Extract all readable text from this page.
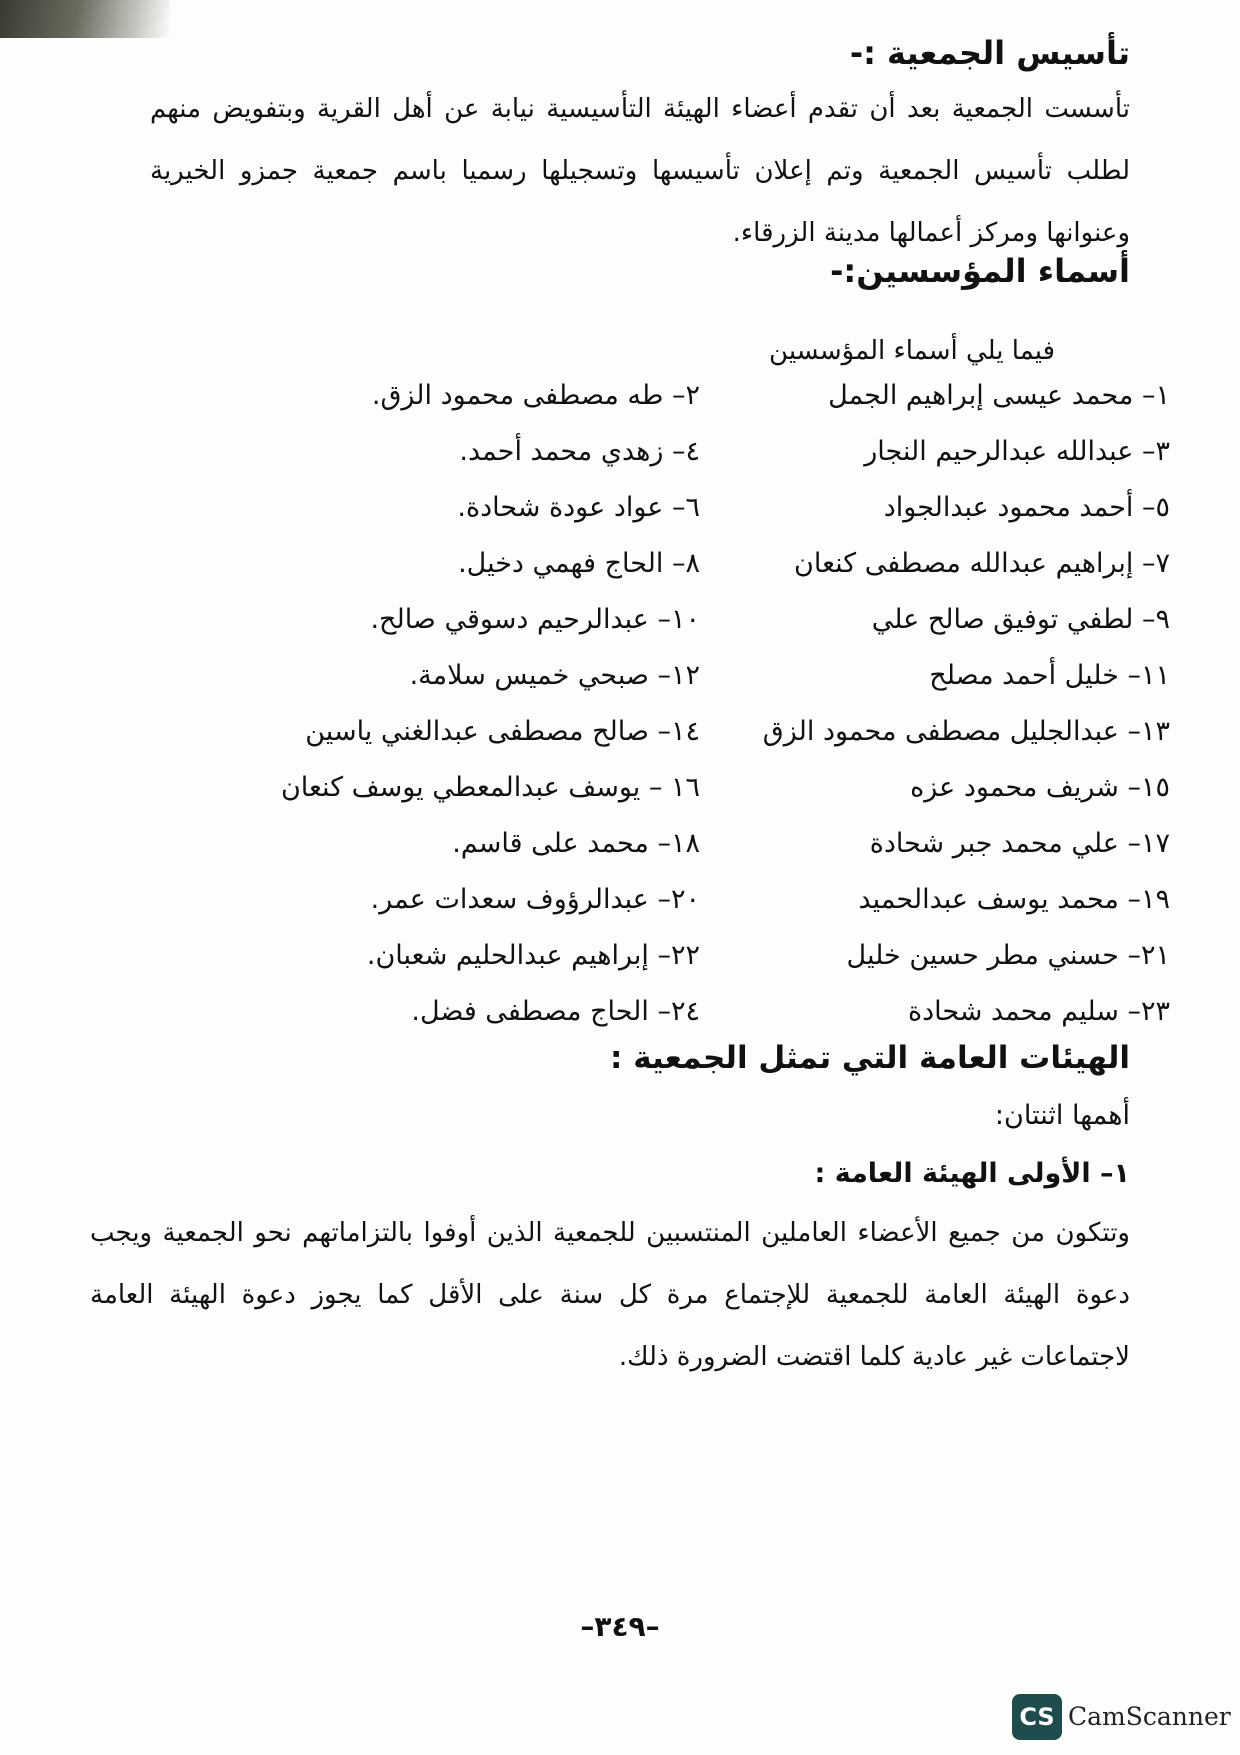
تأسيس الجمعية :-
تأسست الجمعية بعد أن تقدم أعضاء الهيئة التأسيسية نيابة عن أهل القرية وبتفويض منهم لطلب تأسيس الجمعية وتم إعلان تأسيسها وتسجيلها رسميا باسم جمعية جمزو الخيرية وعنوانها ومركز أعمالها مدينة الزرقاء.
أسماء المؤسسين:-
فيما يلي أسماء المؤسسين
١– محمد عيسى إبراهيم الجمل
٢– طه مصطفى محمود الزق.
٣– عبدالله عبدالرحيم النجار
٤– زهدي محمد أحمد.
٥– أحمد محمود عبدالجواد
٦– عواد عودة شحادة.
٧– إبراهيم عبدالله مصطفى كنعان
٨– الحاج فهمي دخيل.
٩– لطفي توفيق صالح علي
١٠– عبدالرحيم دسوقي صالح.
١١– خليل أحمد مصلح
١٢– صبحي خميس سلامة.
١٣– عبدالجليل مصطفى محمود الزق
١٤– صالح مصطفى عبدالغني ياسين
١٥– شريف محمود عزه
١٦ – يوسف عبدالمعطي يوسف كنعان
١٧– علي محمد جبر شحادة
١٨– محمد على قاسم.
١٩– محمد يوسف عبدالحميد
٢٠– عبدالرؤوف سعدات عمر.
٢١– حسني مطر حسين خليل
٢٢– إبراهيم عبدالحليم شعبان.
٢٣– سليم محمد شحادة
٢٤– الحاج مصطفى فضل.
الهيئات العامة التي تمثل الجمعية :
أهمها اثنتان:
١– الأولى الهيئة العامة :
وتتكون من جميع الأعضاء العاملين المنتسبين للجمعية الذين أوفوا بالتزاماتهم نحو الجمعية ويجب دعوة الهيئة العامة للجمعية للإجتماع مرة كل سنة على الأقل كما يجوز دعوة الهيئة العامة لاجتماعات غير عادية كلما اقتضت الضرورة ذلك.
–٣٤٩–
CS CamScanner
